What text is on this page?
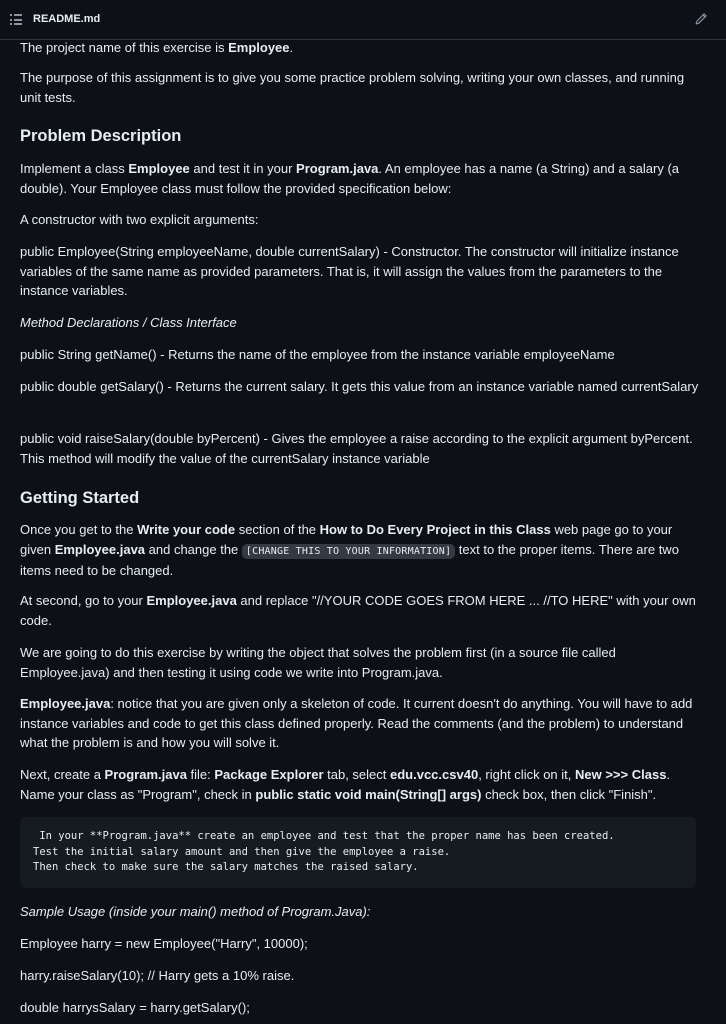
README.md

The project name of this exercise is Employee.

The purpose of this assignment is to give you some practice problem solving, writing your own classes, and running unit tests.

Problem Description

Implement a class Employee and test it in your Program.java. An employee has a name (a String) and a salary (a double). Your Employee class must follow the provided specification below:

A constructor with two explicit arguments:

public Employee(String employeeName, double currentSalary) - Constructor. The constructor will initialize instance variables of the same name as provided parameters. That is, it will assign the values from the parameters to the instance variables.

Method Declarations / Class Interface

public String getName() - Returns the name of the employee from the instance variable employeeName

public double getSalary() - Returns the current salary. It gets this value from an instance variable named currentSalary

public void raiseSalary(double byPercent) - Gives the employee a raise according to the explicit argument byPercent. This method will modify the value of the currentSalary instance variable

Getting Started

Once you get to the Write your code section of the How to Do Every Project in this Class web page go to your given Employee.java and change the [CHANGE THIS TO YOUR INFORMATION] text to the proper items. There are two items need to be changed.

At second, go to your Employee.java and replace "//YOUR CODE GOES FROM HERE ... //TO HERE" with your own code.

We are going to do this exercise by writing the object that solves the problem first (in a source file called Employee.java) and then testing it using code we write into Program.java.

Employee.java: notice that you are given only a skeleton of code. It current doesn't do anything. You will have to add instance variables and code to get this class defined properly. Read the comments (and the problem) to understand what the problem is and how you will solve it.

Next, create a Program.java file: Package Explorer tab, select edu.vcc.csv40, right click on it, New >>> Class. Name your class as "Program", check in public static void main(String[] args) check box, then click "Finish".

In your **Program.java** create an employee and test that the proper name has been created.
Test the initial salary amount and then give the employee a raise.
Then check to make sure the salary matches the raised salary.

Sample Usage (inside your main() method of Program.Java):

Employee harry = new Employee("Harry", 10000);

harry.raiseSalary(10); // Harry gets a 10% raise.

double harrysSalary = harry.getSalary();
